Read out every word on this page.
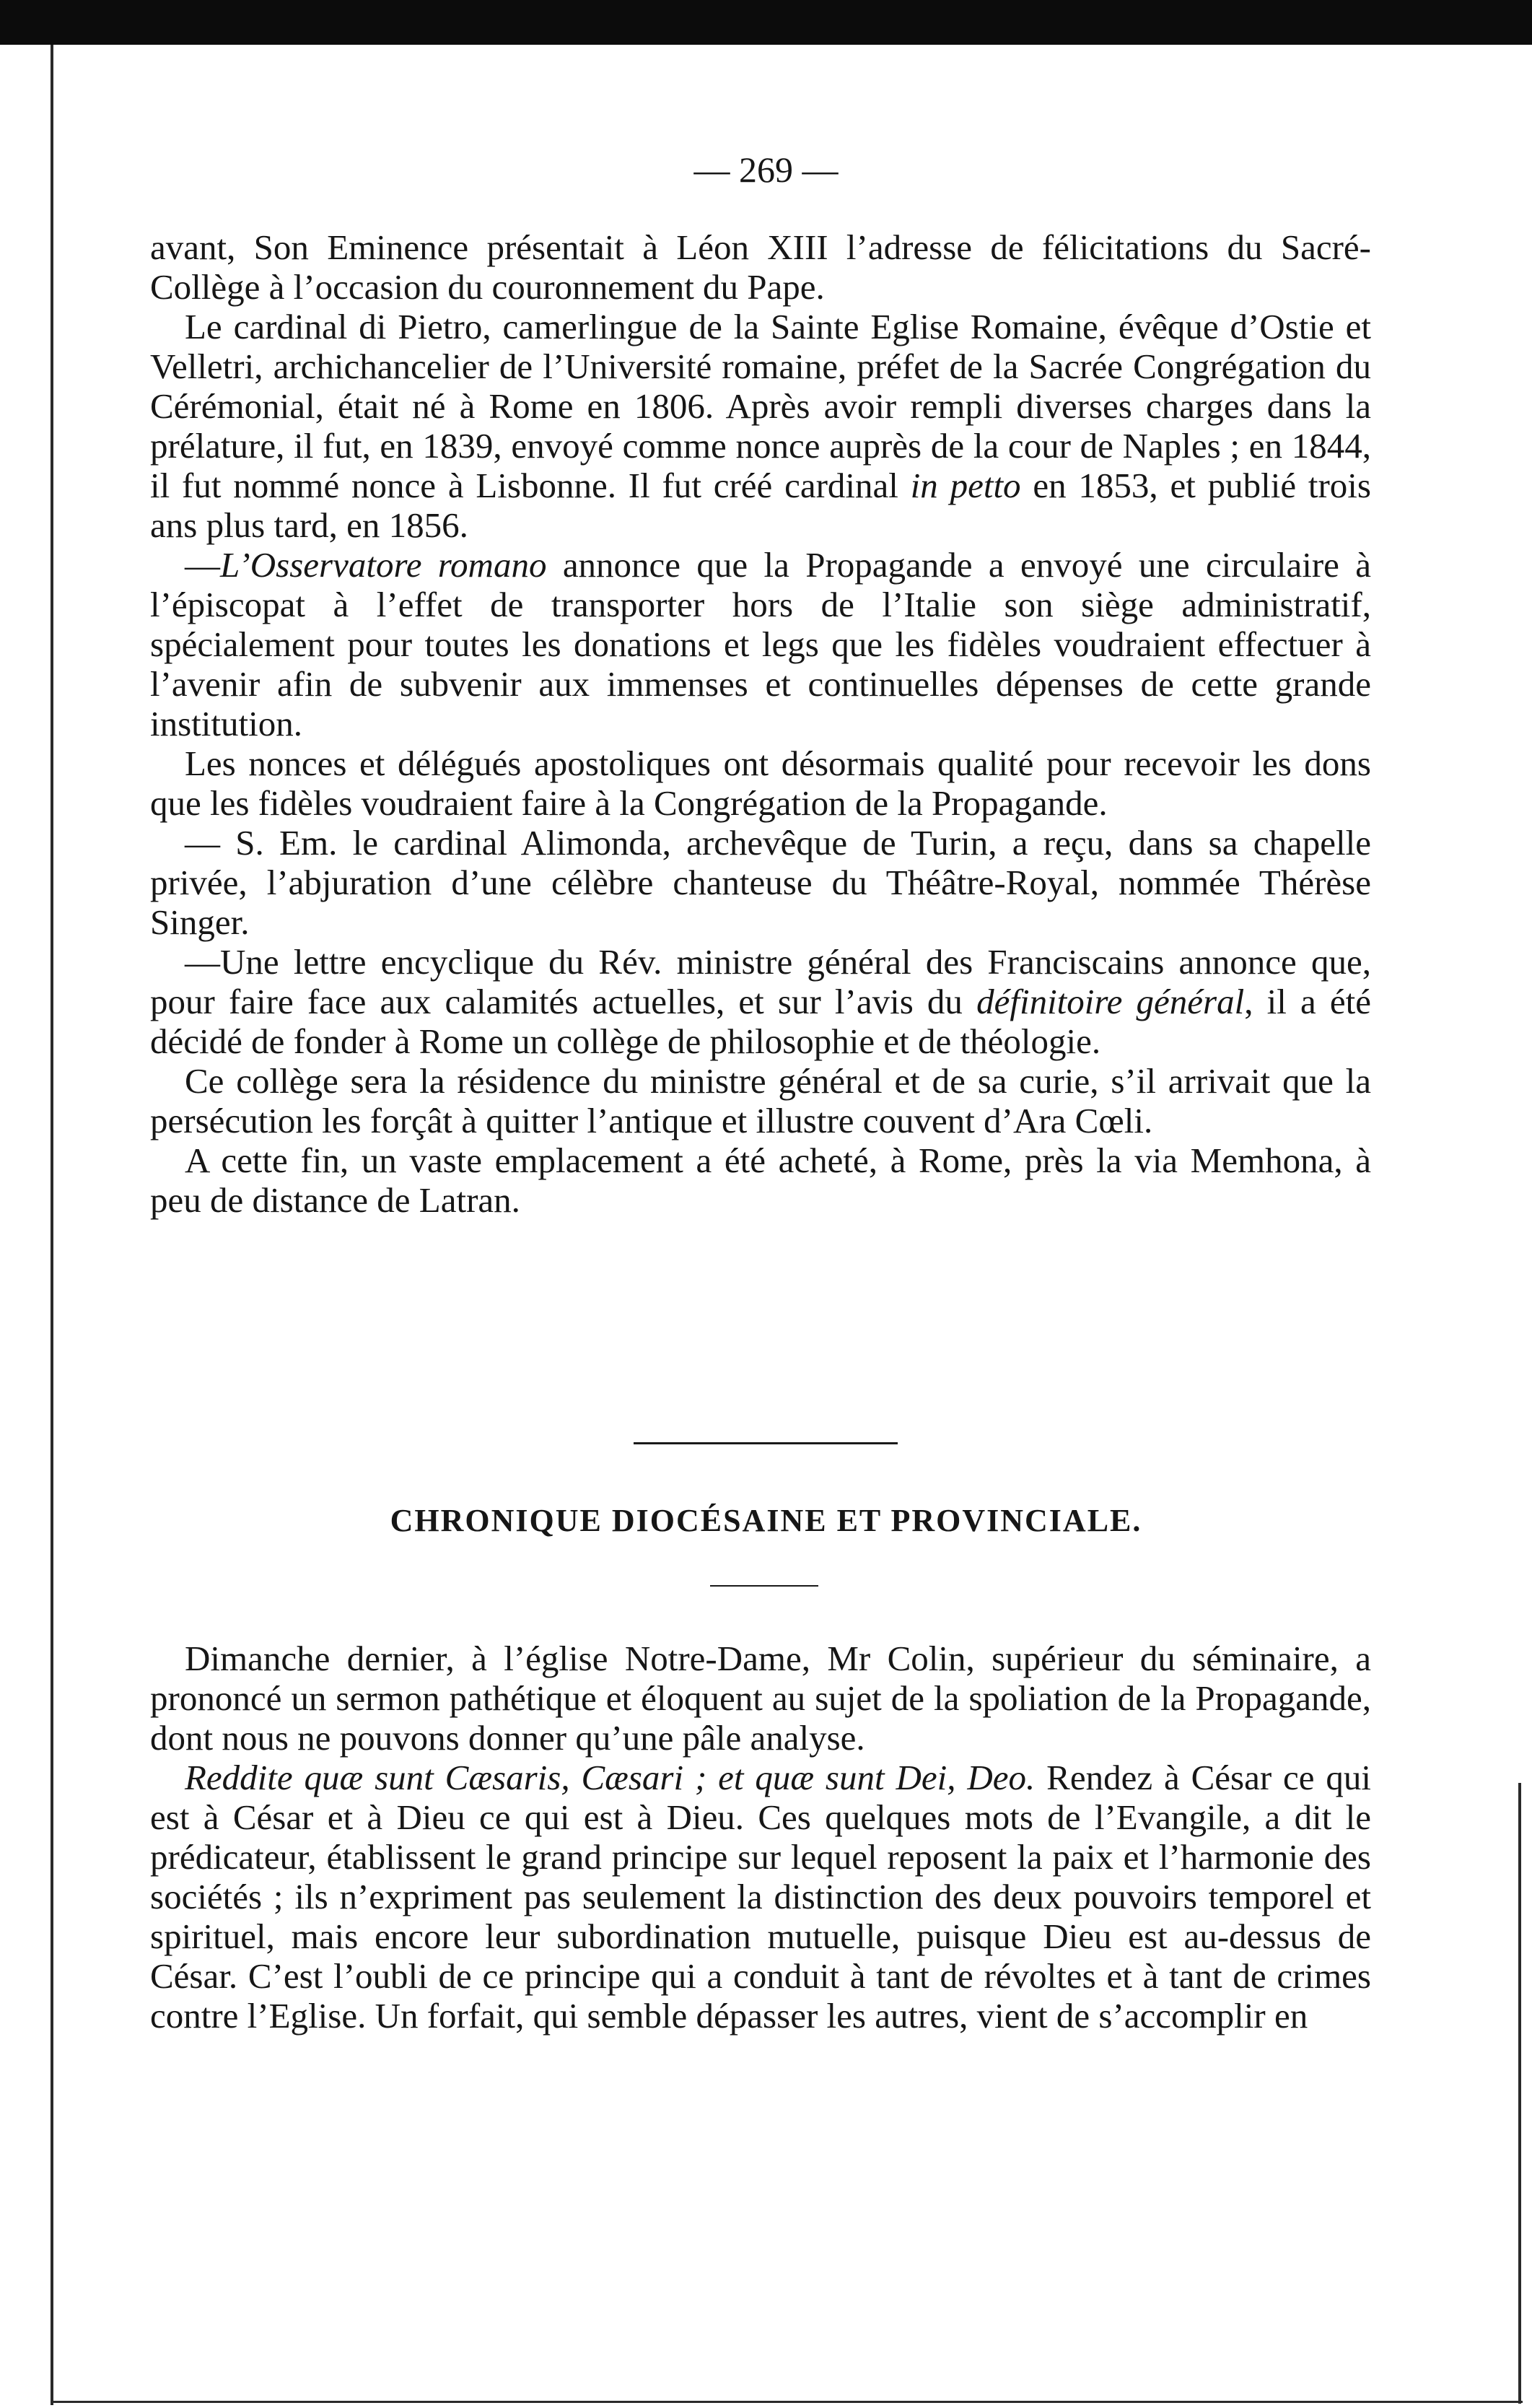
— 269 —

avant, Son Eminence présentait à Léon XIII l’adresse de félicitations du Sacré-Collège à l’occasion du couronnement du Pape.

Le cardinal di Pietro, camerlingue de la Sainte Eglise Romaine, évêque d’Ostie et Velletri, archichancelier de l’Université romaine, préfet de la Sacrée Congrégation du Cérémonial, était né à Rome en 1806. Après avoir rempli diverses charges dans la prélature, il fut, en 1839, envoyé comme nonce auprès de la cour de Naples ; en 1844, il fut nommé nonce à Lisbonne. Il fut créé cardinal in petto en 1853, et publié trois ans plus tard, en 1856.

—L’Osservatore romano annonce que la Propagande a envoyé une circulaire à l’épiscopat à l’effet de transporter hors de l’Italie son siège administratif, spécialement pour toutes les donations et legs que les fidèles voudraient effectuer à l’avenir afin de subvenir aux immenses et continuelles dépenses de cette grande institution.

Les nonces et délégués apostoliques ont désormais qualité pour recevoir les dons que les fidèles voudraient faire à la Congrégation de la Propagande.

— S. Em. le cardinal Alimonda, archevêque de Turin, a reçu, dans sa chapelle privée, l’abjuration d’une célèbre chanteuse du Théâtre-Royal, nommée Thérèse Singer.

—Une lettre encyclique du Rév. ministre général des Franciscains annonce que, pour faire face aux calamités actuelles, et sur l’avis du définitoire général, il a été décidé de fonder à Rome un collège de philosophie et de théologie.

Ce collège sera la résidence du ministre général et de sa curie, s’il arrivait que la persécution les forçât à quitter l’antique et illustre couvent d’Ara Cœli.

A cette fin, un vaste emplacement a été acheté, à Rome, près la via Memhona, à peu de distance de Latran.

CHRONIQUE DIOCÉSAINE ET PROVINCIALE.

Dimanche dernier, à l’église Notre-Dame, Mr Colin, supérieur du séminaire, a prononcé un sermon pathétique et éloquent au sujet de la spoliation de la Propagande, dont nous ne pouvons donner qu’une pâle analyse.

Reddite quæ sunt Cæsaris, Cæsari ; et quæ sunt Dei, Deo. Rendez à César ce qui est à César et à Dieu ce qui est à Dieu. Ces quelques mots de l’Evangile, a dit le prédicateur, établissent le grand principe sur lequel reposent la paix et l’harmonie des sociétés ; ils n’expriment pas seulement la distinction des deux pouvoirs temporel et spirituel, mais encore leur subordination mutuelle, puisque Dieu est au-dessus de César. C’est l’oubli de ce principe qui a conduit à tant de révoltes et à tant de crimes contre l’Eglise. Un forfait, qui semble dépasser les autres, vient de s’accomplir en
